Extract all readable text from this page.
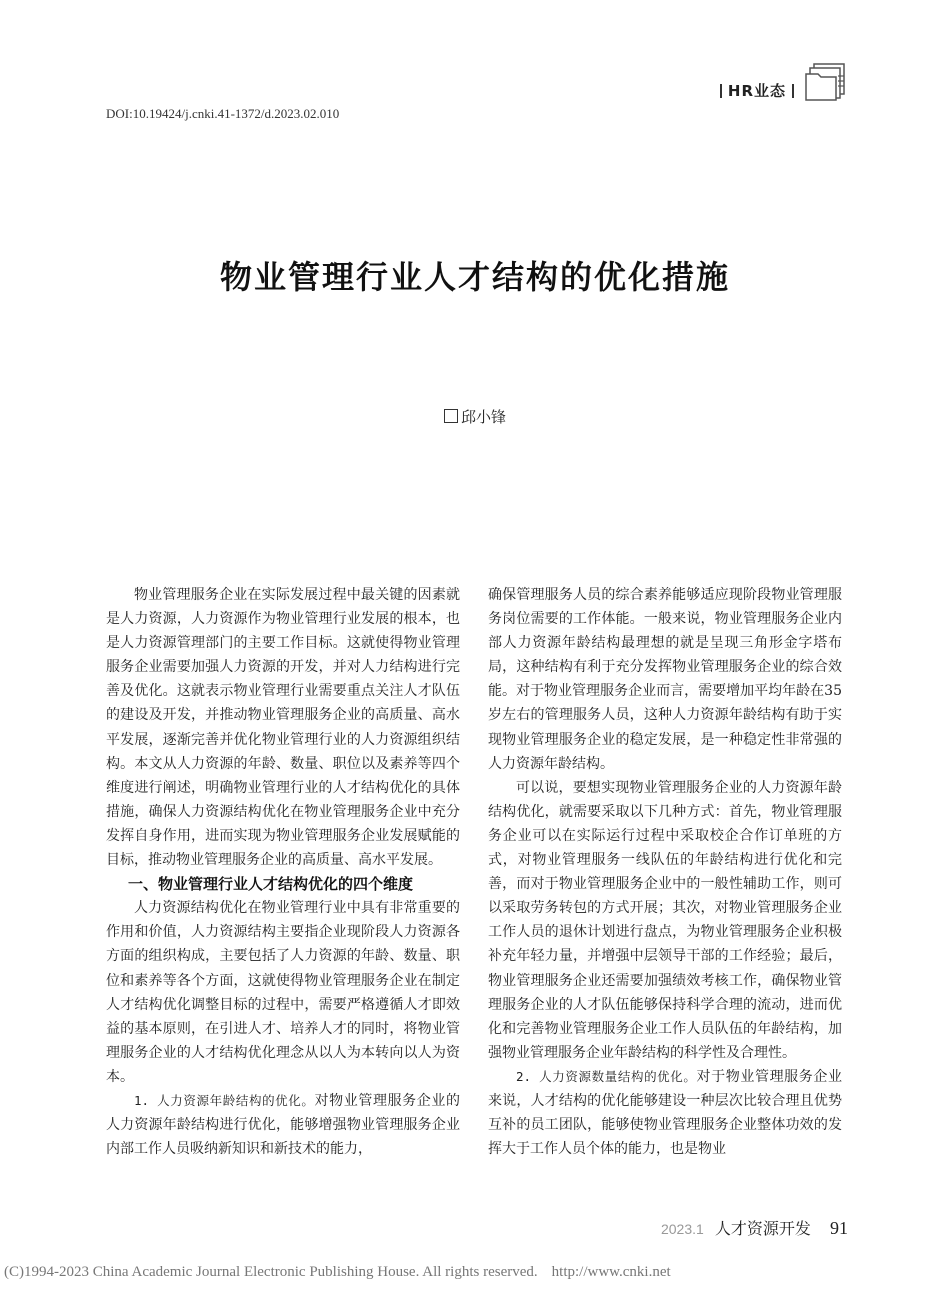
DOI:10.19424/j.cnki.41-1372/d.2023.02.010
HR业态
物业管理行业人才结构的优化措施
邱小锋

物业管理服务企业在实际发展过程中最关键的因素就是人力资源，人力资源作为物业管理行业发展的根本，也是人力资源管理部门的主要工作目标。这就使得物业管理服务企业需要加强人力资源的开发，并对人力结构进行完善及优化。这就表示物业管理行业需要重点关注人才队伍的建设及开发，并推动物业管理服务企业的高质量、高水平发展，逐渐完善并优化物业管理行业的人力资源组织结构。本文从人力资源的年龄、数量、职位以及素养等四个维度进行阐述，明确物业管理行业的人才结构优化的具体措施，确保人力资源结构优化在物业管理服务企业中充分发挥自身作用，进而实现为物业管理服务企业发展赋能的目标，推动物业管理服务企业的高质量、高水平发展。

一、物业管理行业人才结构优化的四个维度

人力资源结构优化在物业管理行业中具有非常重要的作用和价值，人力资源结构主要指企业现阶段人力资源各方面的组织构成，主要包括了人力资源的年龄、数量、职位和素养等各个方面，这就使得物业管理服务企业在制定人才结构优化调整目标的过程中，需要严格遵循人才即效益的基本原则，在引进人才、培养人才的同时，将物业管理服务企业的人才结构优化理念从以人为本转向以人为资本。

1. 人力资源年龄结构的优化。对物业管理服务企业的人力资源年龄结构进行优化，能够增强物业管理服务企业内部工作人员吸纳新知识和新技术的能力，

确保管理服务人员的综合素养能够适应现阶段物业管理服务岗位需要的工作体能。一般来说，物业管理服务企业内部人力资源年龄结构最理想的就是呈现三角形金字塔布局，这种结构有利于充分发挥物业管理服务企业的综合效能。对于物业管理服务企业而言，需要增加平均年龄在35岁左右的管理服务人员，这种人力资源年龄结构有助于实现物业管理服务企业的稳定发展，是一种稳定性非常强的人力资源年龄结构。

可以说，要想实现物业管理服务企业的人力资源年龄结构优化，就需要采取以下几种方式：首先，物业管理服务企业可以在实际运行过程中采取校企合作订单班的方式，对物业管理服务一线队伍的年龄结构进行优化和完善，而对于物业管理服务企业中的一般性辅助工作，则可以采取劳务转包的方式开展；其次，对物业管理服务企业工作人员的退休计划进行盘点，为物业管理服务企业积极补充年轻力量，并增强中层领导干部的工作经验；最后，物业管理服务企业还需要加强绩效考核工作，确保物业管理服务企业的人才队伍能够保持科学合理的流动，进而优化和完善物业管理服务企业工作人员队伍的年龄结构，加强物业管理服务企业年龄结构的科学性及合理性。

2. 人力资源数量结构的优化。对于物业管理服务企业来说，人才结构的优化能够建设一种层次比较合理且优势互补的员工团队，能够使物业管理服务企业整体功效的发挥大于工作人员个体的能力，也是物业

2023.1 人才资源开发 91
(C)1994-2023 China Academic Journal Electronic Publishing House. All rights reserved. http://www.cnki.net
